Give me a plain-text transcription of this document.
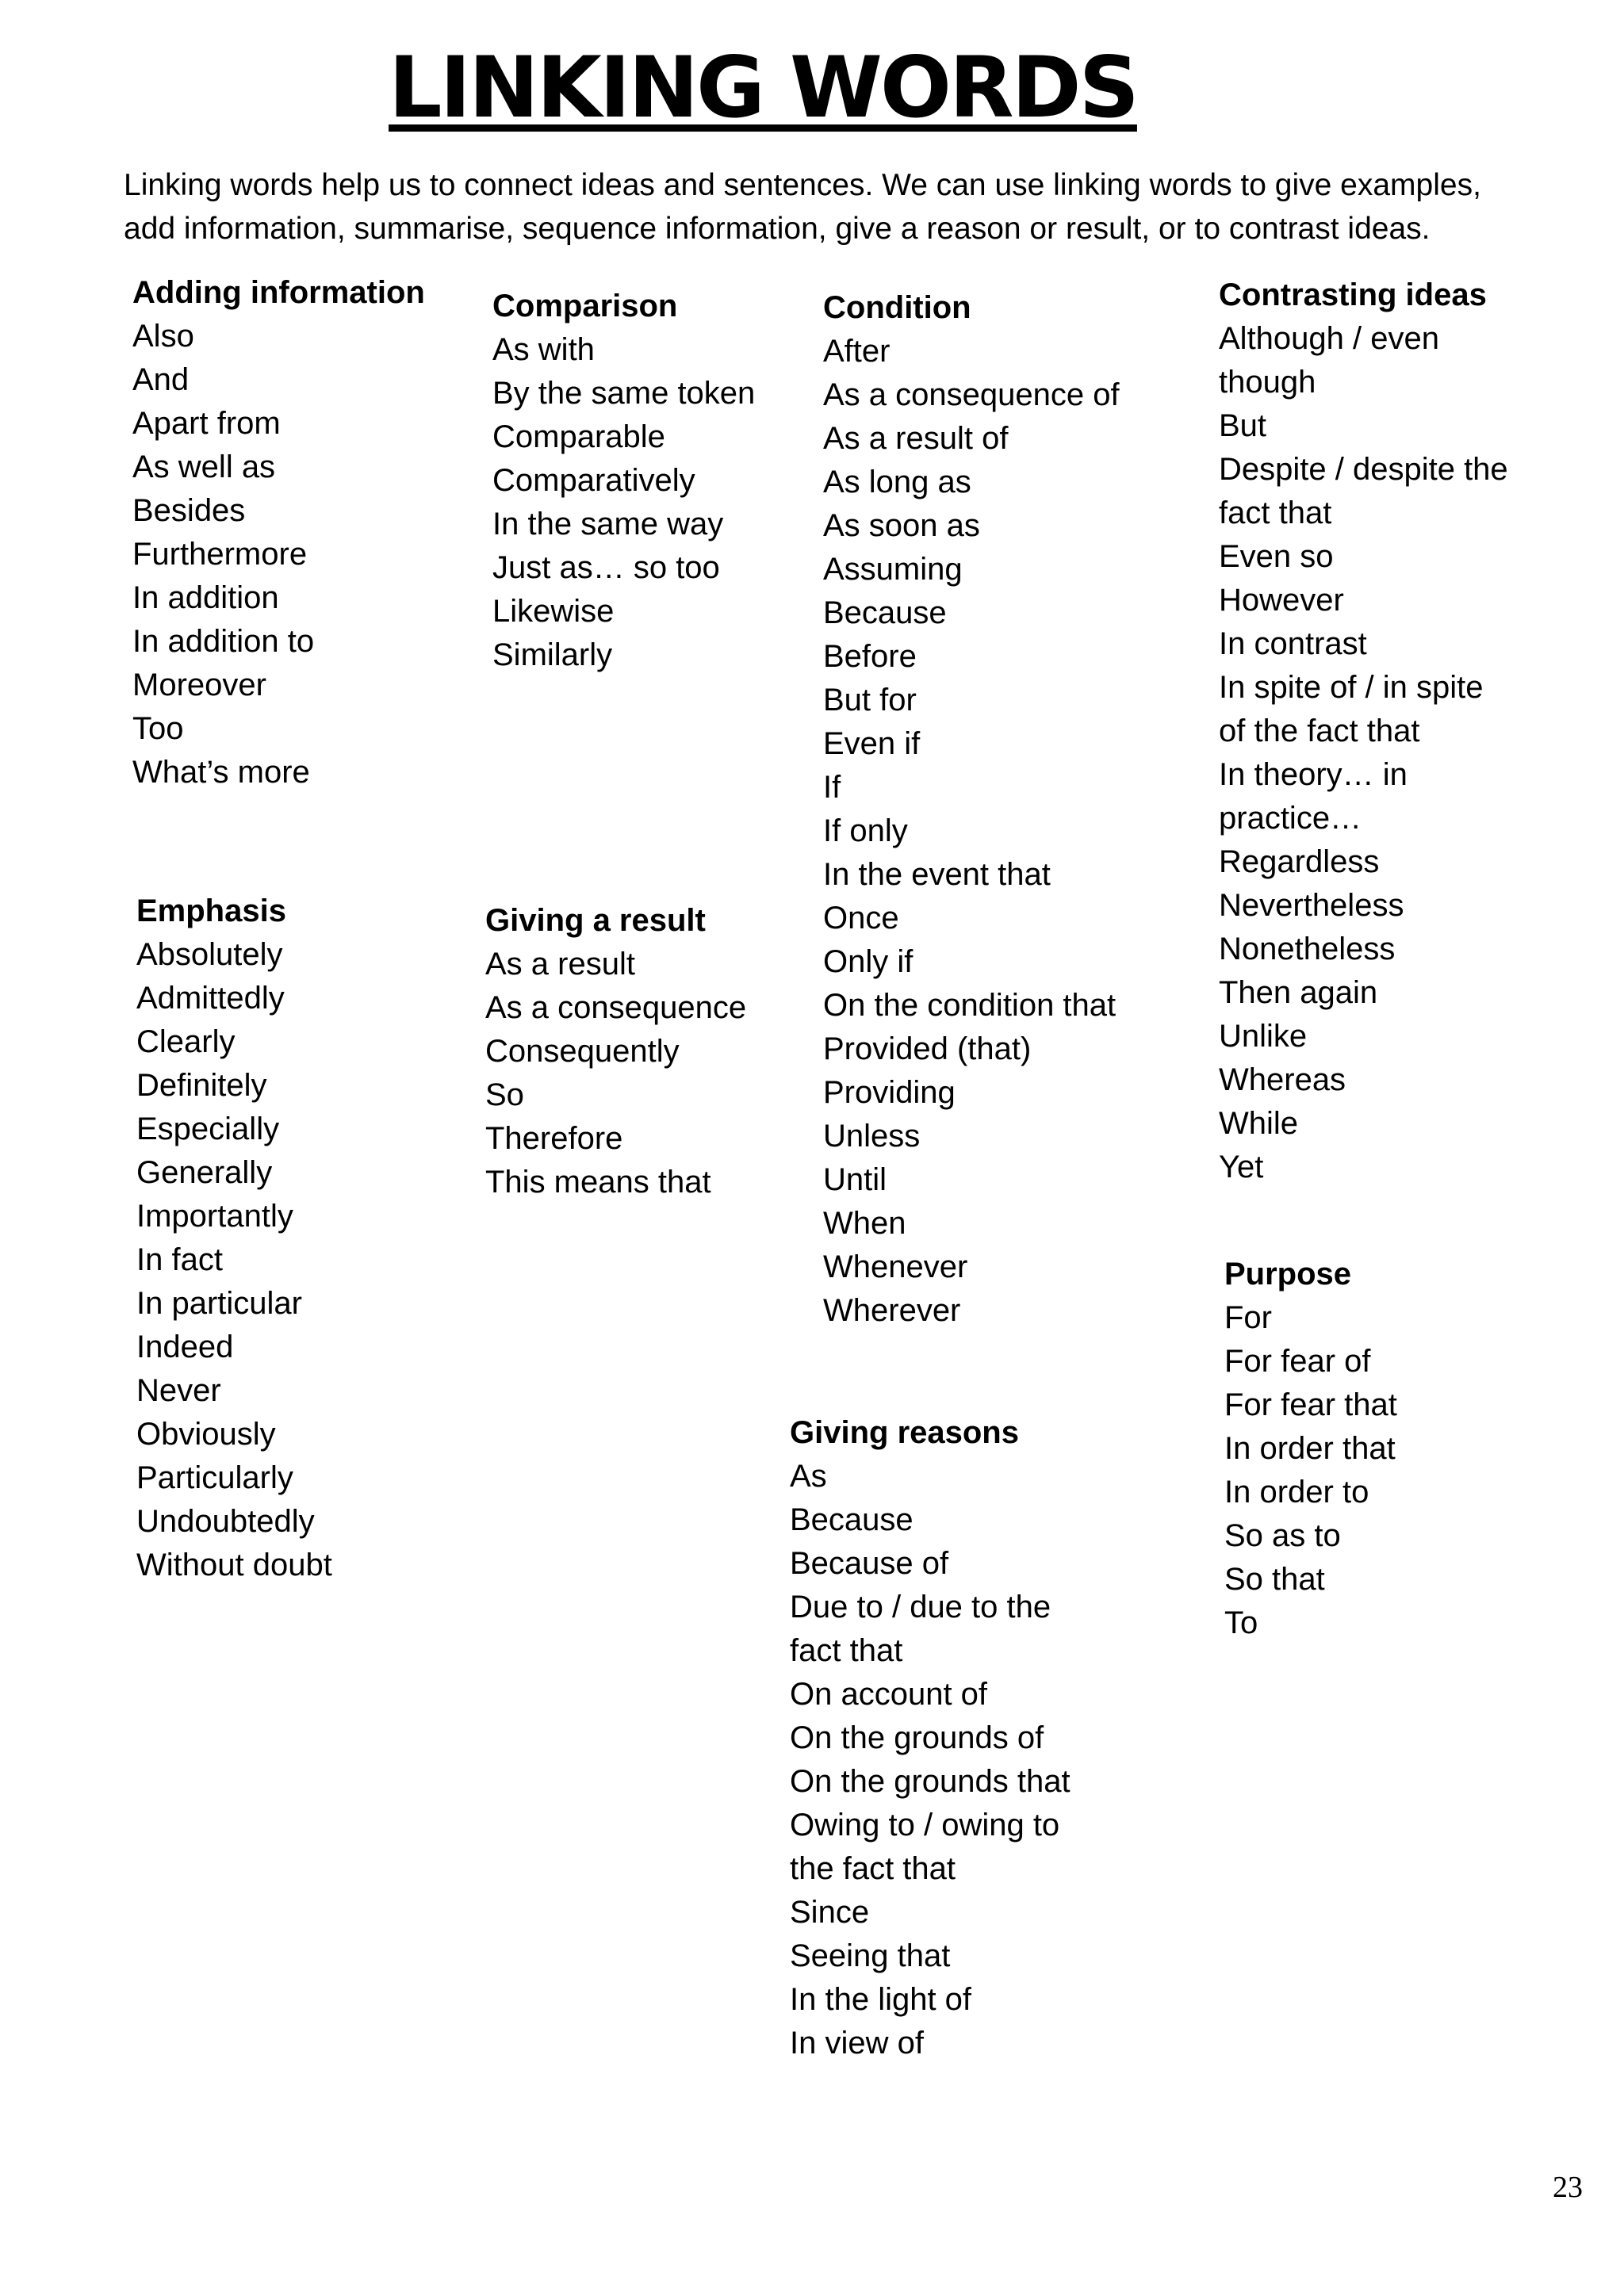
LINKING WORDS

Linking words help us to connect ideas and sentences. We can use linking words to give examples,
add information, summarise, sequence information, give a reason or result, or to contrast ideas.

Adding information
Also
And
Apart from
As well as
Besides
Furthermore
In addition
In addition to
Moreover
Too
What’s more
Comparison
As with
By the same token
Comparable
Comparatively
In the same way
Just as… so too
Likewise
Similarly
Condition
After
As a consequence of
As a result of
As long as
As soon as
Assuming
Because
Before
But for
Even if
If
If only
In the event that
Once
Only if
On the condition that
Provided (that)
Providing
Unless
Until
When
Whenever
Wherever
Contrasting ideas
Although / even
though
But
Despite / despite the
fact that
Even so
However
In contrast
In spite of / in spite
of the fact that
In theory… in
practice…
Regardless
Nevertheless
Nonetheless
Then again
Unlike
Whereas
While
Yet
Emphasis
Absolutely
Admittedly
Clearly
Definitely
Especially
Generally
Importantly
In fact
In particular
Indeed
Never
Obviously
Particularly
Undoubtedly
Without doubt
Giving a result
As a result
As a consequence
Consequently
So
Therefore
This means that
Purpose
For
For fear of
For fear that
In order that
In order to
So as to
So that
To
Giving reasons
As
Because
Because of
Due to / due to the
fact that
On account of
On the grounds of
On the grounds that
Owing to / owing to
the fact that
Since
Seeing that
In the light of
In view of
23
